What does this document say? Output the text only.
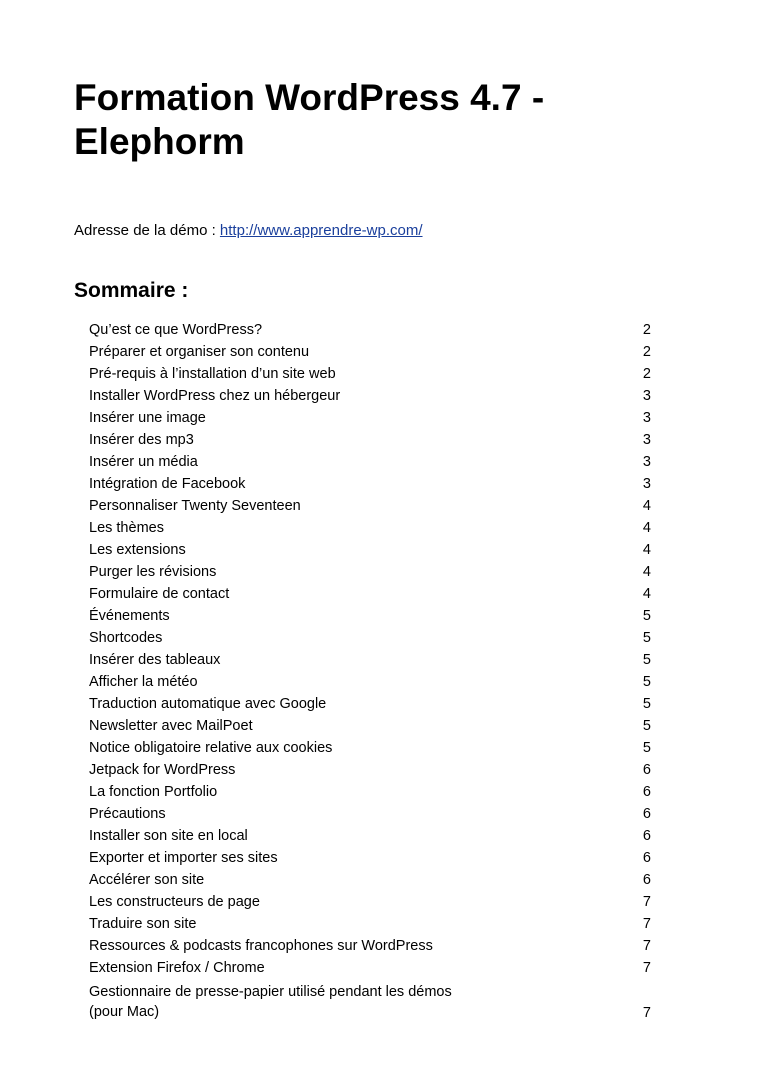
Formation WordPress 4.7 - Elephorm
Adresse de la démo : http://www.apprendre-wp.com/
Sommaire :
Qu’est ce que WordPress?	2
Préparer et organiser son contenu	2
Pré-requis à l’installation d’un site web	2
Installer WordPress chez un hébergeur	3
Insérer une image	3
Insérer des mp3	3
Insérer un média	3
Intégration de Facebook	3
Personnaliser Twenty Seventeen	4
Les thèmes	4
Les extensions	4
Purger les révisions	4
Formulaire de contact	4
Événements	5
Shortcodes	5
Insérer des tableaux	5
Afficher la météo	5
Traduction automatique avec Google	5
Newsletter avec MailPoet	5
Notice obligatoire relative aux cookies	5
Jetpack for WordPress	6
La fonction Portfolio	6
Précautions	6
Installer son site en local	6
Exporter et importer ses sites	6
Accélérer son site	6
Les constructeurs de page	7
Traduire son site	7
Ressources & podcasts francophones sur WordPress	7
Extension Firefox / Chrome	7
Gestionnaire de presse-papier utilisé pendant les démos (pour Mac)	7
